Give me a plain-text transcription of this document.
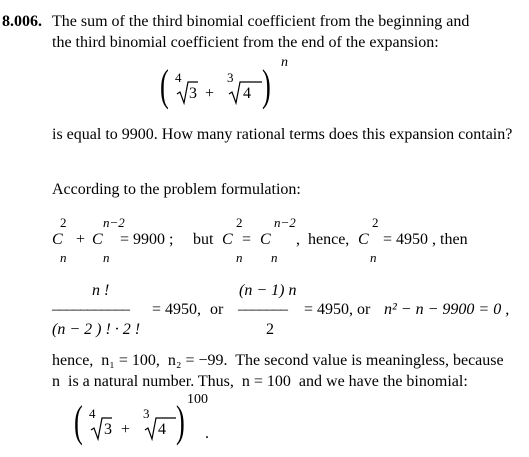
8.006. The sum of the third binomial coefficient from the beginning and
the third binomial coefficient from the end of the expansion:
( 4
3 +
3
4 ) n
is equal to 9900. How many rational terms does this expansion contain?
According to the problem formulation:
2
C
n
+
n−2
C
n
= 9900 ; but
2
C
n
=
n−2
C
n
,  hence,
2
C
n
= 4950 , then
n !
–––––––––––
(n − 2 ) ! · 2 !
= 4950, or
(n − 1) n
–––––––
2
= 4950, or n² − n − 9900 = 0 ,
hence,  n₁ = 100,  n₂ = −99.  The second value is meaningless, because
n  is a natural number. Thus,  n = 100  and we have the binomial:
( 4
3 +
3
4 ) 100
.
